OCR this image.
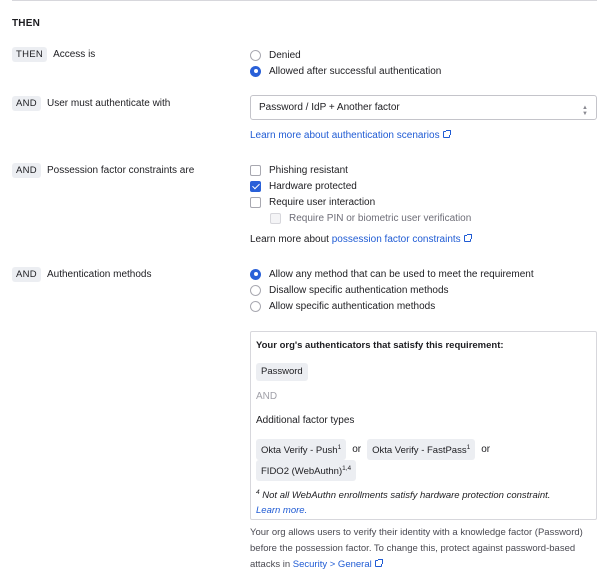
THEN
THEN	Access is	Denied
Allowed after successful authentication
AND	User must authenticate with	Password / IdP + Another factor	▲
▼
Learn more about authentication scenarios
AND	Possession factor constraints are	Phishing resistant
Hardware protected
Require user interaction
Require PIN or biometric user verification
Learn more about possession factor constraints
AND	Authentication methods	Allow any method that can be used to meet the requirement
Disallow specific authentication methods
Allow specific authentication methods
Your org's authenticators that satisfy this requirement:
Password
AND
Additional factor types
Okta Verify - Push$^1$	or	Okta Verify - FastPass$^1$	or
FIDO2 (WebAuthn)$^{1,4}$
$^4$ Not all WebAuthn enrollments satisfy hardware protection constraint.
Learn more.
Your org allows users to verify their identity with a knowledge factor (Password) before the possession factor. To change this, protect against password-based attacks in Security > General
